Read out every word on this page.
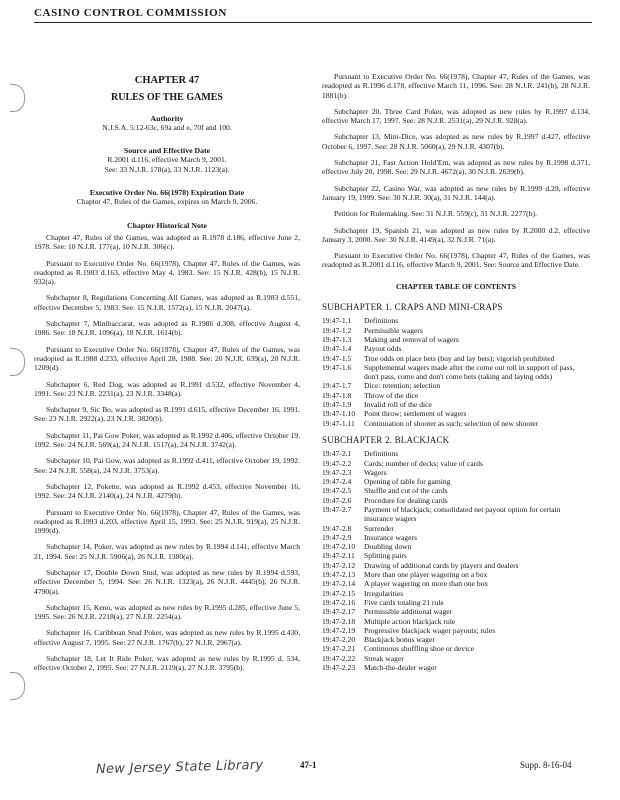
CASINO CONTROL COMMISSION
CHAPTER 47
RULES OF THE GAMES
Authority
N.J.S.A. 5:12-63c, 69a and e, 70f and 100.
Source and Effective Date
R.2001 d.116, effective March 9, 2001.
See: 33 N.J.R. 178(a), 33 N.J.R. 1123(a).
Executive Order No. 66(1978) Expiration Date
Chapter 47, Rules of the Games, expires on March 9, 2006.
Chapter Historical Note
Chapter 47, Rules of the Games, was adopted as R.1978 d.186, effective June 2, 1978. See: 10 N.J.R. 177(a), 10 N.J.R. 306(c).
Pursuant to Executive Order No. 66(1978), Chapter 47, Rules of the Games, was readopted as R.1983 d.163, effective May 4, 1983. See: 15 N.J.R. 428(b), 15 N.J.R. 932(a).
Subchapter 8, Regulations Concerning All Games, was adopted as R.1983 d.551, effective December 5, 1983. See: 15 N.J.R. 1572(a), 15 N.J.R. 2047(a).
Subchapter 7, Minibaccarat, was adopted as R.1986 d.308, effective August 4, 1986. See: 18 N.J.R. 1096(a), 18 N.J.R. 1614(b).
Pursuant to Executive Order No. 66(1978), Chapter 47, Rules of the Games, was readopted as R.1988 d.233, effective April 28, 1988. See: 20 N.J.R. 639(a), 20 N.J.R. 1209(d).
Subchapter 6, Red Dog, was adopted as R.1991 d.532, effective November 4, 1991. See: 23 N.J.R. 2231(a), 23 N.J.R. 3348(a).
Subchapter 9, Sic Bo, was adopted as R.1991 d.615, effective December 16, 1991. See: 23 N.J.R. 2922(a), 23 N.J.R. 3820(b).
Subchapter 11, Pai Gow Poker, was adopted as R.1992 d.406, effective October 19, 1992. See: 24 N.J.R. 569(a), 24 N.J.R. 1517(a), 24 N.J.R. 3742(a).
Subchapter 10, Pai Gow, was adopted as R.1992 d.411, effective October 19, 1992. See: 24 N.J.R. 558(a), 24 N.J.R. 3753(a).
Subchapter 12, Pokette, was adopted as R.1992 d.453, effective November 16, 1992. See: 24 N.J.R. 2140(a), 24 N.J.R. 4279(b).
Pursuant to Executive Order No. 66(1978), Chapter 47, Rules of the Games, was readopted as R.1993 d.203, effective April 15, 1993. See: 25 N.J.R. 919(a), 25 N.J.R. 1999(d).
Subchapter 14, Poker, was adopted as new rules by R.1994 d.141, effective March 21, 1994. See: 25 N.J.R. 5906(a), 26 N.J.R. 1380(a).
Subchapter 17, Double Down Stud, was adopted as new rules by R.1994 d.593, effective December 5, 1994. See: 26 N.J.R. 1323(a), 26 N.J.R. 4445(b), 26 N.J.R. 4790(a).
Subchapter 15, Keno, was adopted as new rules by R.1995 d.285, effective June 5, 1995. See: 26 N.J.R. 2218(a), 27 N.J.R. 2254(a).
Subchapter 16, Caribbean Stud Poker, was adopted as new rules by R.1995 d.430, effective August 7, 1995. See: 27 N.J.R. 1767(b), 27 N.J.R. 2967(a).
Subchapter 18, Let It Ride Poker, was adopted as new rules by R.1995 d. 534, effective October 2, 1995. See: 27 N.J.R. 2119(a), 27 N.J.R. 3795(b).
Pursuant to Executive Order No. 66(1978), Chapter 47, Rules of the Games, was readopted as R.1996 d.178, effective March 11, 1996. See: 28 N.J.R. 241(b), 28 N.J.R. 1881(b).
Subchapter 20, Three Card Poker, was adopted as new rules by R.1997 d.134, effective March 17, 1997. See: 28 N.J.R. 2531(a), 29 N.J.R. 928(a).
Subchapter 13, Mini-Dice, was adopted as new rules by R.1997 d.427, effective October 6, 1997. See: 28 N.J.R. 5060(a), 29 N.J.R. 4307(b).
Subchapter 21, Fast Action Hold'Em, was adopted as new rules by R.1998 d.371, effective July 20, 1998. See: 29 N.J.R. 4672(a), 30 N.J.R. 2639(b).
Subchapter 22, Casino War, was adopted as new rules by R.1999 d.29, effective January 19, 1999. See: 30 N.J.R. 30(a), 31 N.J.R. 144(a).
Petition for Rulemaking. See: 31 N.J.R. 559(c), 31 N.J.R. 2277(b).
Subchapter 19, Spanish 21, was adopted as new rules by R.2000 d.2, effective January 3, 2000. See: 30 N.J.R. 4149(a), 32 N.J.R. 71(a).
Pursuant to Executive Order No. 66(1978), Chapter 47, Rules of the Games, was readopted as R.2001 d.116, effective March 9, 2001. See: Source and Effective Date.
CHAPTER TABLE OF CONTENTS
SUBCHAPTER 1. CRAPS AND MINI-CRAPS
19:47-1.1	Definitions
19:47-1.2	Permissible wagers
19:47-1.3	Making and removal of wagers
19:47-1.4	Payout odds
19:47-1.5	True odds on place bets (buy and lay bets); vigorish prohibited
19:47-1.6	Supplemental wagers made after the come out roll in support of pass, don't pass, come and don't come bets (taking and laying odds)
19:47-1.7	Dice: retention; selection
19:47-1.8	Throw of the dice
19:47-1.9	Invalid roll of the dice
19:47-1.10	Point throw; settlement of wagers
19:47-1.11	Continuation of shooter as such; selection of new shooter
SUBCHAPTER 2. BLACKJACK
19:47-2.1	Definitions
19:47-2.2	Cards; number of decks; value of cards
19:47-2.3	Wagers
19:47-2.4	Opening of table for gaming
19:47-2.5	Shuffle and cut of the cards
19:47-2.6	Procedure for dealing cards
19:47-2.7	Payment of blackjack; consolidated net payout option for certain insurance wagers
19:47-2.8	Surrender
19:47-2.9	Insurance wagers
19:47-2.10	Doubling down
19:47-2.11	Splitting pairs
19:47-2.12	Drawing of additional cards by players and dealers
19:47-2.13	More than one player wagering on a box
19:47-2.14	A player wagering on more than one box
19:47-2.15	Irregularities
19:47-2.16	Five cards totaling 21 rule
19:47-2.17	Permissible additional wager
19:47-2.18	Multiple action blackjack rule
19:47-2.19	Progressive blackjack wager payouts; rules
19:47-2.20	Blackjack bonus wager
19:47-2.21	Continuous shuffling shoe or device
19:47-2.22	Streak wager
19:47-2.23	Match-the-dealer wager
New Jersey State Library	47-1	Supp. 8-16-04
